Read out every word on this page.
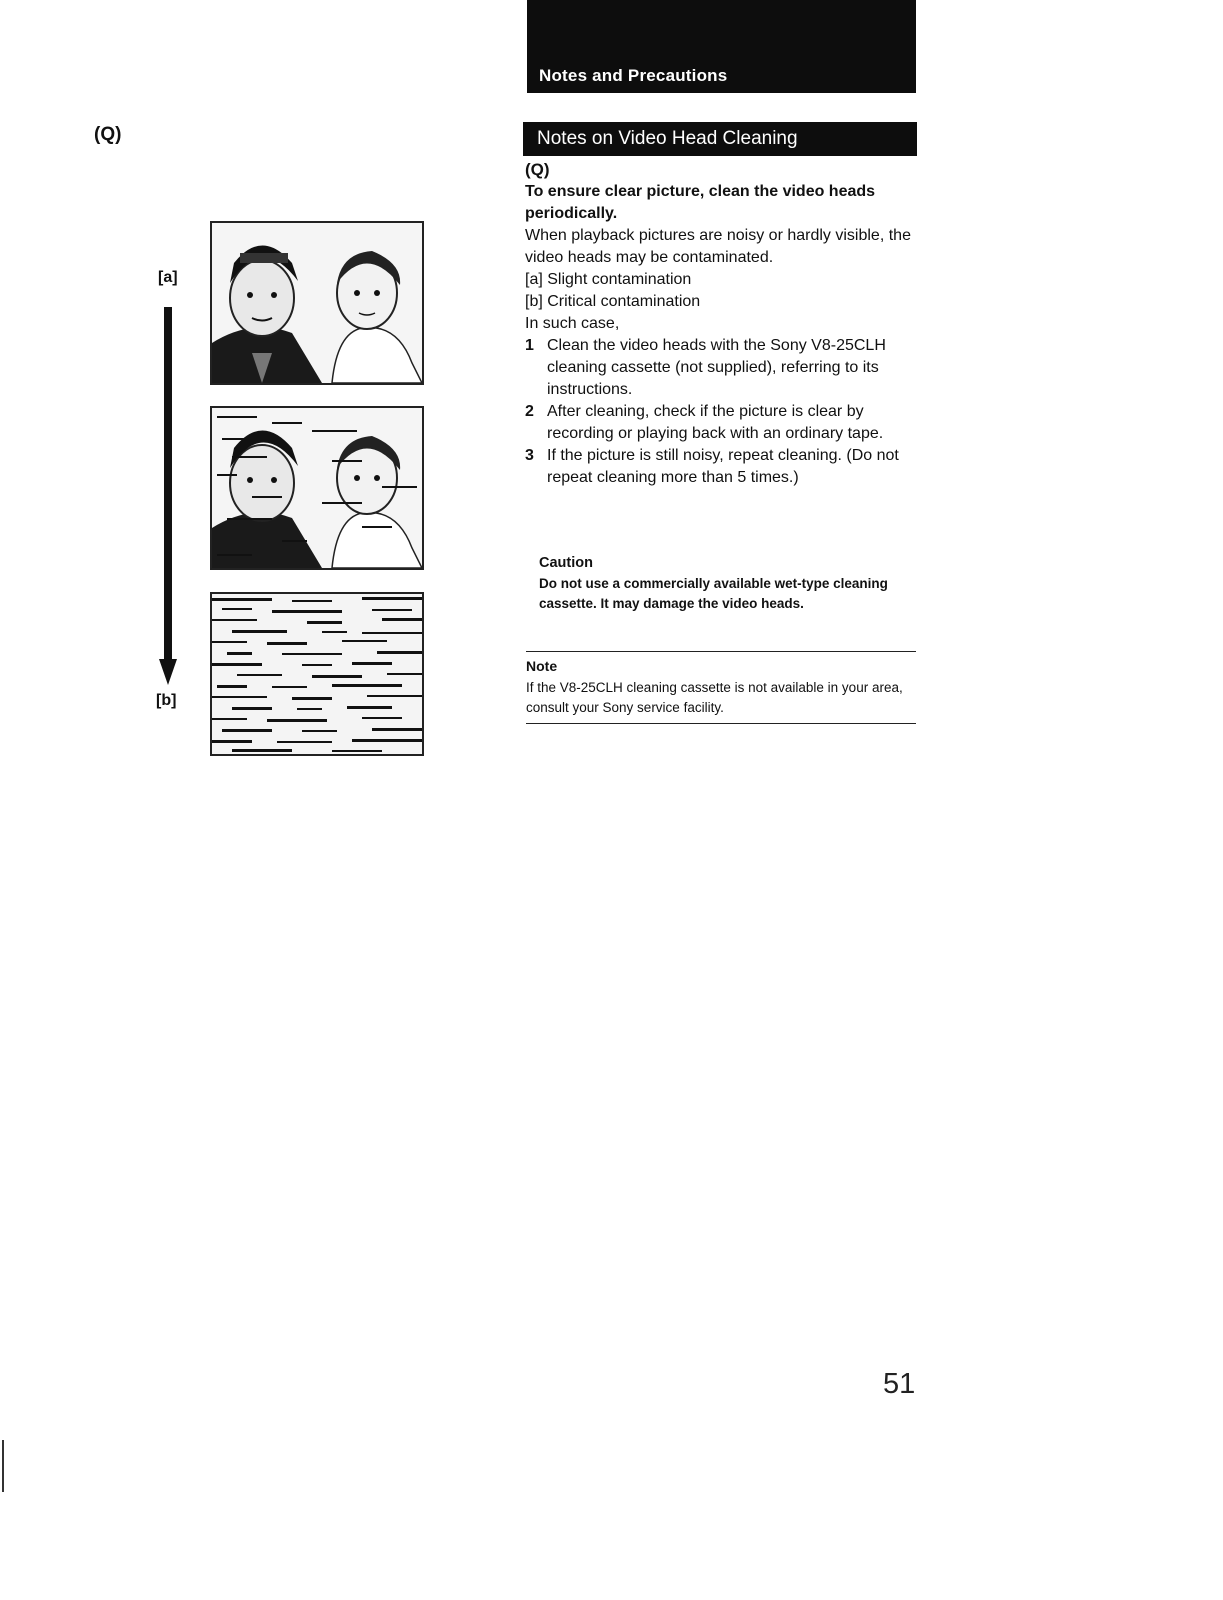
Notes and Precautions
(Q)
[a]
[b]
Notes on Video Head Cleaning
(Q)
To ensure clear picture, clean the video heads periodically.

When playback pictures are noisy or hardly visible, the video heads may be contaminated.

[a] Slight contamination

[b] Critical contamination

In such case,

1 Clean the video heads with the Sony V8-25CLH cleaning cassette (not supplied), referring to its instructions.
2 After cleaning, check if the picture is clear by recording or playing back with an ordinary tape.
3 If the picture is still noisy, repeat cleaning. (Do not repeat cleaning more than 5 times.)
Caution
Do not use a commercially available wet-type cleaning cassette. It may damage the video heads.
Note
If the V8-25CLH cleaning cassette is not available in your area, consult your Sony service facility.
51
